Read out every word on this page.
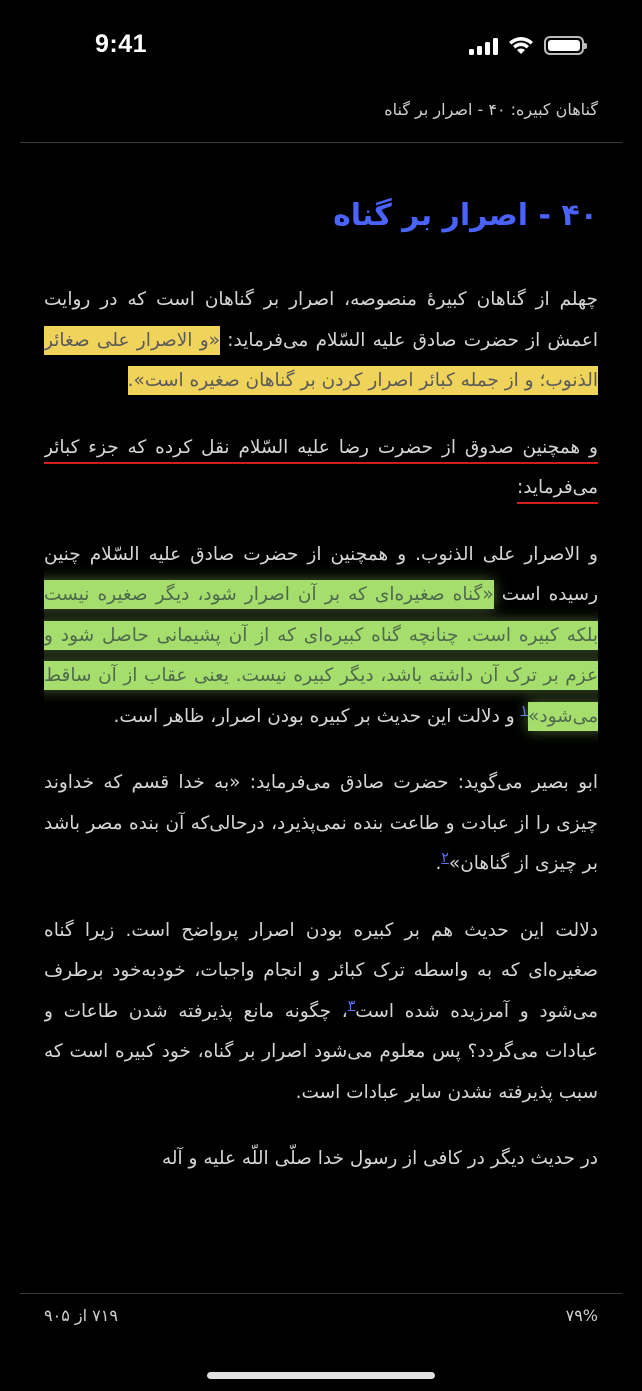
9:41
گناهان کبیره: ۴۰ - اصرار بر گناه
۴۰ - اصرار بر گناه

چهلم از گناهان کبیرۀ منصوصه، اصرار بر گناهان است که در روایت اعمش از حضرت صادق علیه السّلام می‌فرماید: «و الاصرار علی صغائر الذنوب؛ و از جمله کبائر اصرار کردن بر گناهان صغیره است».

و همچنین صدوق از حضرت رضا علیه السّلام نقل کرده که جزء کبائر می‌فرماید:

و الاصرار علی الذنوب. و همچنین از حضرت صادق علیه السّلام چنین رسیده است «گناه صغیره‌ای که بر آن اصرار شود، دیگر صغیره نیست بلکه کبیره است. چنانچه گناه کبیره‌ای که از آن پشیمانی حاصل شود و عزم بر ترک آن داشته باشد، دیگر کبیره نیست. یعنی عقاب از آن ساقط می‌شود»$^۱$ و دلالت این حدیث بر کبیره بودن اصرار، ظاهر است.

ابو بصیر می‌گوید: حضرت صادق می‌فرماید: «به خدا قسم که خداوند چیزی را از عبادت و طاعت بنده نمی‌پذیرد، درحالی‌که آن بنده مصر باشد بر چیزی از گناهان»$^۲$.

دلالت این حدیث هم بر کبیره بودن اصرار پرواضح است. زیرا گناه صغیره‌ای که به واسطه ترک کبائر و انجام واجبات، خودبه‌خود برطرف می‌شود و آمرزیده شده است$^۳$، چگونه مانع پذیرفته شدن طاعات و عبادات می‌گردد؟ پس معلوم می‌شود اصرار بر گناه، خود کبیره است که سبب پذیرفته نشدن سایر عبادات است.

در حدیث دیگر در کافی از رسول خدا صلّی اللّه علیه و آله

۷۱۹ از ۹۰۵	۷۹%
